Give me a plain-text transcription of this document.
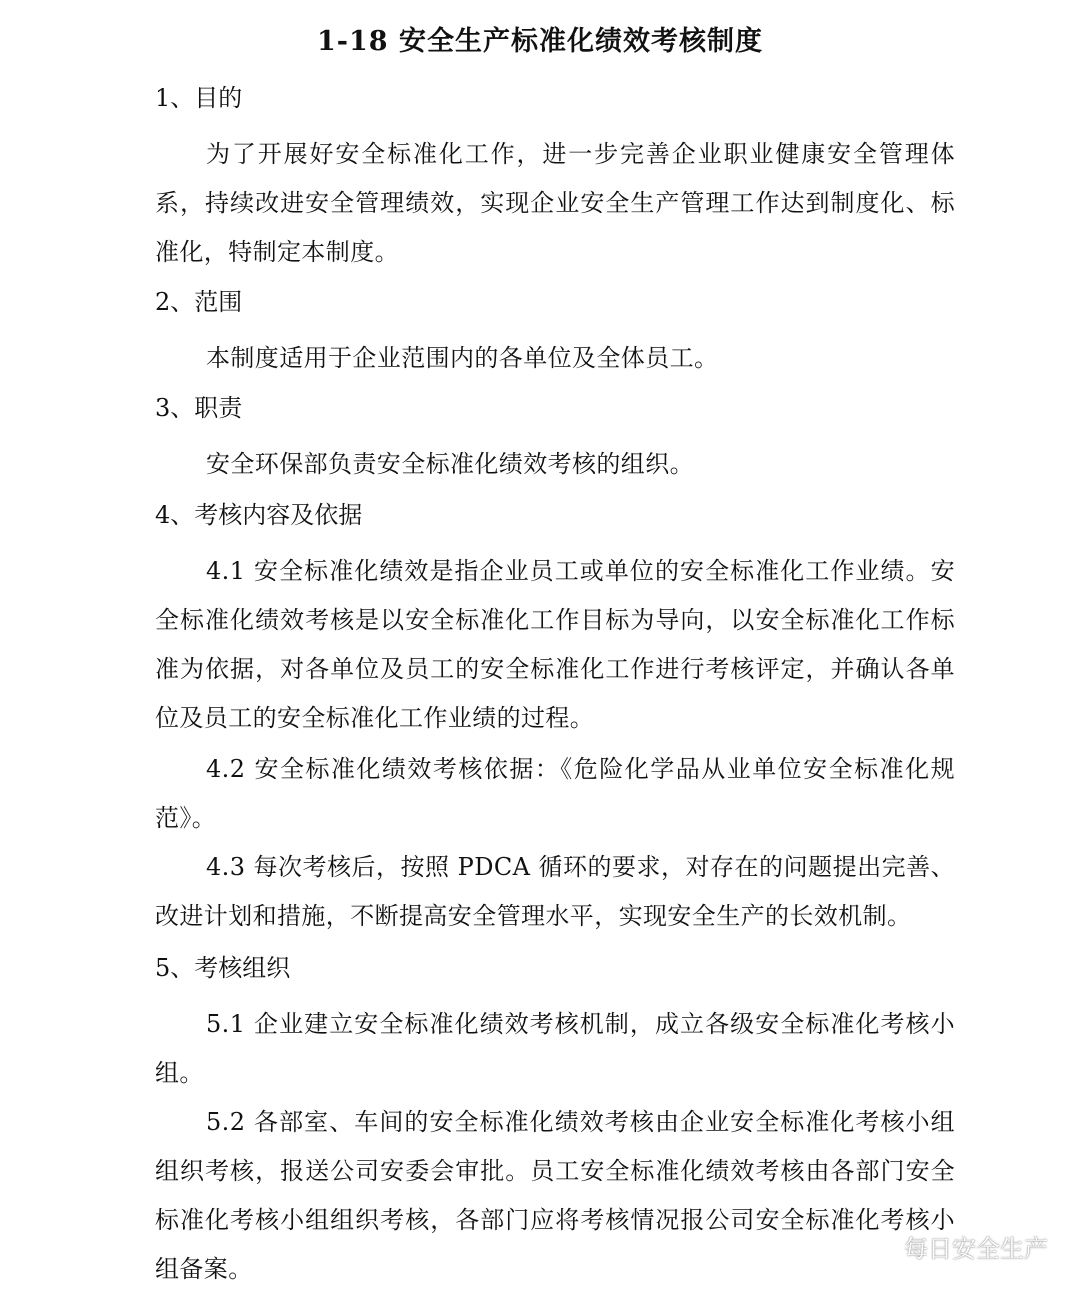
1-18 安全生产标准化绩效考核制度
1、目的
为了开展好安全标准化工作，进一步完善企业职业健康安全管理体系，持续改进安全管理绩效，实现企业安全生产管理工作达到制度化、标准化，特制定本制度。
2、范围
本制度适用于企业范围内的各单位及全体员工。
3、职责
安全环保部负责安全标准化绩效考核的组织。
4、考核内容及依据
4.1 安全标准化绩效是指企业员工或单位的安全标准化工作业绩。安全标准化绩效考核是以安全标准化工作目标为导向，以安全标准化工作标准为依据，对各单位及员工的安全标准化工作进行考核评定，并确认各单位及员工的安全标准化工作业绩的过程。
4.2 安全标准化绩效考核依据：《危险化学品从业单位安全标准化规范》。
4.3 每次考核后，按照 PDCA 循环的要求，对存在的问题提出完善、改进计划和措施，不断提高安全管理水平，实现安全生产的长效机制。
5、考核组织
5.1 企业建立安全标准化绩效考核机制，成立各级安全标准化考核小组。
5.2 各部室、车间的安全标准化绩效考核由企业安全标准化考核小组组织考核，报送公司安委会审批。员工安全标准化绩效考核由各部门安全标准化考核小组组织考核，各部门应将考核情况报公司安全标准化考核小组备案。
每日安全生产
